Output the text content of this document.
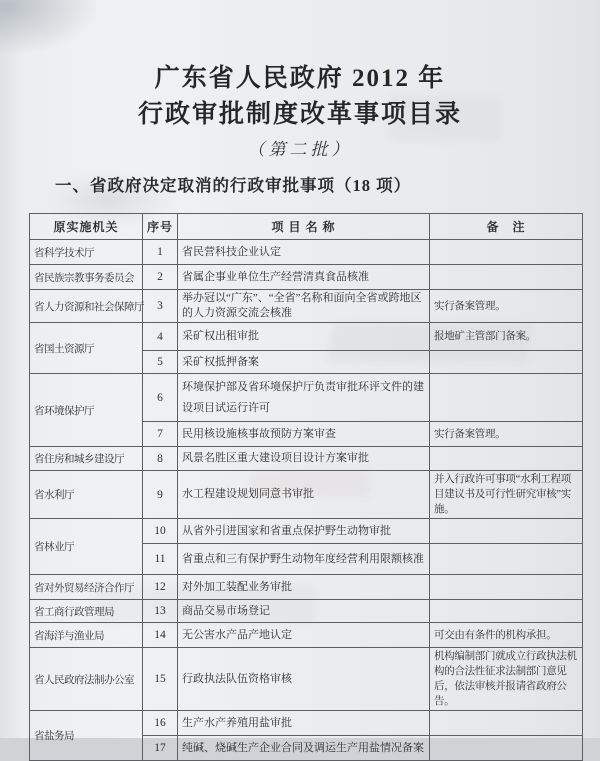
广东省人民政府 2012 年
行政审批制度改革事项目录
（第二批）
一、省政府决定取消的行政审批事项（18 项）
原实施机关	序号	项 目 名 称	备　注
省科学技术厅	1	省民营科技企业认定	
省民族宗教事务委员会	2	省属企事业单位生产经营清真食品核准	
省人力资源和社会保障厅	3	举办冠以“广东”、“全省”名称和面向全省或跨地区的人力资源交流会核准	实行备案管理。
省国土资源厅	4	采矿权出租审批	报地矿主管部门备案。
	5	采矿权抵押备案	
省环境保护厅	6	环境保护部及省环境保护厅负责审批环评文件的建设项目试运行许可	
	7	民用核设施核事故预防方案审查	实行备案管理。
省住房和城乡建设厅	8	风景名胜区重大建设项目设计方案审批	
省水利厅	9	水工程建设规划同意书审批	并入行政许可事项“水利工程项目建议书及可行性研究审核”实施。
省林业厅	10	从省外引进国家和省重点保护野生动物审批	
	11	省重点和三有保护野生动物年度经营利用限额核准	
省对外贸易经济合作厅	12	对外加工装配业务审批	
省工商行政管理局	13	商品交易市场登记	
省海洋与渔业局	14	无公害水产品产地认定	可交由有条件的机构承担。
省人民政府法制办公室	15	行政执法队伍资格审核	机构编制部门就成立行政执法机构的合法性征求法制部门意见后，依法审核并报请省政府公告。
省盐务局	16	生产水产养殖用盐审批	
	17	纯碱、烧碱生产企业合同及调运生产用盐情况备案	
